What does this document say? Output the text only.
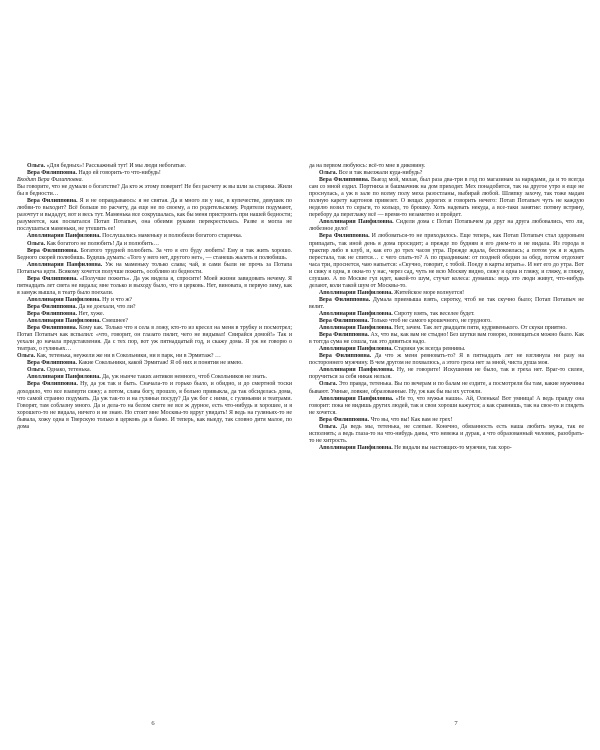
Ольга. «Для бедных»! Расскажный тут! И мы люди небогатые.

Вера Филипповна. Надо ей говорить-то что-нибудь!

Входит Вера Филипповна.

Вы говорите, что не думали о богатстве? Да кто ж этому поверит! Не без расчету ж вы шли за старика. Жили бы в бедности…

Вера Филипповна. Я и не оправдываюсь: я не святая. Да и много ли у нас, в купечестве, девушек по любви-то выходит? Всё больше по расчету, да еще не по своему, а по родительскому. Родители подумают, разочтут и выдадут, вот и весь тут. Маменька все сокрушалась, как бы меня пристроить при нашей бедности; разумеется, как посватался Потап Потапыч, она обеими руками перекрестилась. Разве я могла не послушаться маменьки, не утешить ее!

Аполлинария Панфиловна. Послушались маменьку и полюбили богатого старичка.

Ольга. Как богатого не полюбить! Да и полюбить…

Вера Филипповна. Богатого трудней полюбить. За что я его буду любить! Ему и так жить хорошо. Бедного скорей полюбишь. Будешь думать: «Того у него нет, другого нет», — станешь жалеть и полюбишь.

Аполлинария Панфиловна. Уж на маменьку только слава; чай, и сами были не прочь за Потапа Потапыча идти. Всякому хочется получше пожить, особливо из бедности.

Вера Филипповна. «Получше пожить». Да уж видела я, спросите! Моей жизни завидовать нечему. Я пятнадцать лет света не видала; мне только и выходу было, что в церковь. Нет, виновата, в первую зиму, как я замуж вышла, в театр было поехали.

Аполлинария Панфиловна. Ну и что ж?

Вера Филипповна. Да не доехали, что ли?

Вера Филипповна. Нет, хуже.

Аполлинария Панфиловна. Смешнее?

Вера Филипповна. Кому как. Только что я села в ложу, кто-то из кресел на меня в трубку и посмотрел; Потап Потапыч как вспылил: «что, говорит, он глазато пялит, чего не видывал! Свирайся домой!» Так и уехали до начала представления. Да с тех пор, вот уж пятнадцатый год, и скажу дома. Я уж не говорю о театрах, о гуляньях…

Ольга. Как, тетенька, неужели же ни в Сокольники, ни в парк, ни в Эрмитаж? …

Вера Филипповна. Какие Сокольники, какой Эрмитаж! Я об них и понятия не имею.

Ольга. Однако, тетенька.

Аполлинария Панфиловна. Да, уж нынче таких антиков немного, чтоб Сокольников не знать.

Вера Филипповна. Ну, да уж так и быть. Сначала-то и горько было, и обидно, и до смертной тоски доходило, что все взаперти сижу; а потом, слава богу, прошло, я больно привыкла, да так обсиделась дома, что самой странно подумать. Да уж так-то и на гуляньи посуду? Да уж бог с ними, с гуляньями и театрами. Говорят, там соблазну много. Да и дела-то на белом свете не все ж дурное, есть что-нибудь и хорошее, и я хорошего-то не видала, ничего и не знаю. Но стоит мне Москвы-то вдруг увидать! Я ведь на гуляньях-то не бывала, хожу одна в Тверскую только в церковь да в баню. И теперь, как выеду, так словно дитя малое, по дома

да на первом любуюсь: всё-то мне в диковину.

Ольга. Все и так выезжали куда-нибудь?

Вера Филипповна. Выезд мой, милая, был раза два-три в год по магазинам за нарядами, да и то всегда сам со мной ездил. Портниха и башмачник на дом приходят. Мех понадобится, так на другое утро я еще не проснулась, а уж в зале по всему полу меха разостланы, выбирай любой. Шляпку захочу, так тоже мадам полную карету картонов привезет. О вещах дорогих и говорить нечего: Потап Потапыч чуть не каждую неделю возил то серьги, то кольцо, то брошку. Хоть надевать некуда, а все-таки занятие: потяну встряну, перебору да переглажу всё — время-то незаметно и пройдет.

Аполлинария Панфиловна. Сидели дома с Потап Потапычем да друг на друга любовались, что ли, любезное дело!

Вера Филипповна. И любоваться-то не приходилось. Еще теперь, как Потап Потапыч стал здоровьем припадать, так иной день я дома просидит; а прежде по будням я его днем-то и не видала. Из города в трактир либо в клуб, и, как его до трех часов утра. Прежде ждала, беспокоилась; а потом уж я и ждать перестала, так не спится… с чего спать-то? А по праздникам: от поздней обедни за обед, потом отдохнет часа три, проснется, чаю напьется: «Скучно, говорит, с тобой. Поеду в карты играть». И нет его до утра. Вот и сижу я одна, в окна-то у нас, через сад, чуть не всю Москву видно, сижу я одна и гляжу, и гляжу, и гляжу, слушаю. А по Москве гул идет, какой-то шум, стучат колеса: думаешь: ведь это люди живут, что-нибудь делают, коли такой шум от Москвы-то.

Аполлинария Панфиловна. Житейское море волнуется!

Вера Филипповна. Думала приемыша взять, сиротку, чтоб не так скучно было; Потап Потапыч не велит.

Аполлинария Панфиловна. Сироту взять, так веселее будет.

Вера Филипповна. Только чтоб не самого крошечного, не грудного.

Аполлинария Панфиловна. Нет, зачем. Так лет двадцати пяти, кудрявенького. От скуки приятно.

Вера Филипповна. Ах, что вы, как вам не стыдно! Без шутки вам говорю, помещаться можно было. Как в тоггда сума не сошла, так это дивиться надо.

Аполлинария Панфиловна. Старики уж всегда ревнивы.

Вера Филипповна. Да что ж меня ревновать-то? Я в пятнадцать лет не взглянула ни разу на постороннего мужчину. В чем другом не похвалюсь, а этого греха нет за мной, чиста душа моя.

Аполлинария Панфиловна. Ну, не говорите! Искушения не было, так и греха нет. Враг-то силен, поручиться за себя никак нельзя.

Ольга. Это правда, тетенька. Вы по вечерам и по балам не ездите, а посмотрели бы там, какие мужчины бывают. Умные, ловкие, образованные. Ну, уж как бы вы их устояли.

Аполлинария Панфиловна. «Не то, что мужья наши». Ай, Оленька! Вот умница! А ведь правду она говорит: пока не видишь других людей, так и свои хороши кажутся; а как сравнишь, так на свое-то и глядеть не хочется.

Вера Филипповна. Что вы, что вы! Как вам не грех!

Ольга. Да ведь мы, тетенька, не слепые. Конечно, обязанность есть наша любить мужа, так ее исполнять; а ведь глаза-то на что-нибудь даны, что невежа и дурак, а что образованный человек, разобрать-то не хитрость.

Аполлинария Панфиловна. Не видали вы настоящих-то мужчин, так хоро-

6	7
